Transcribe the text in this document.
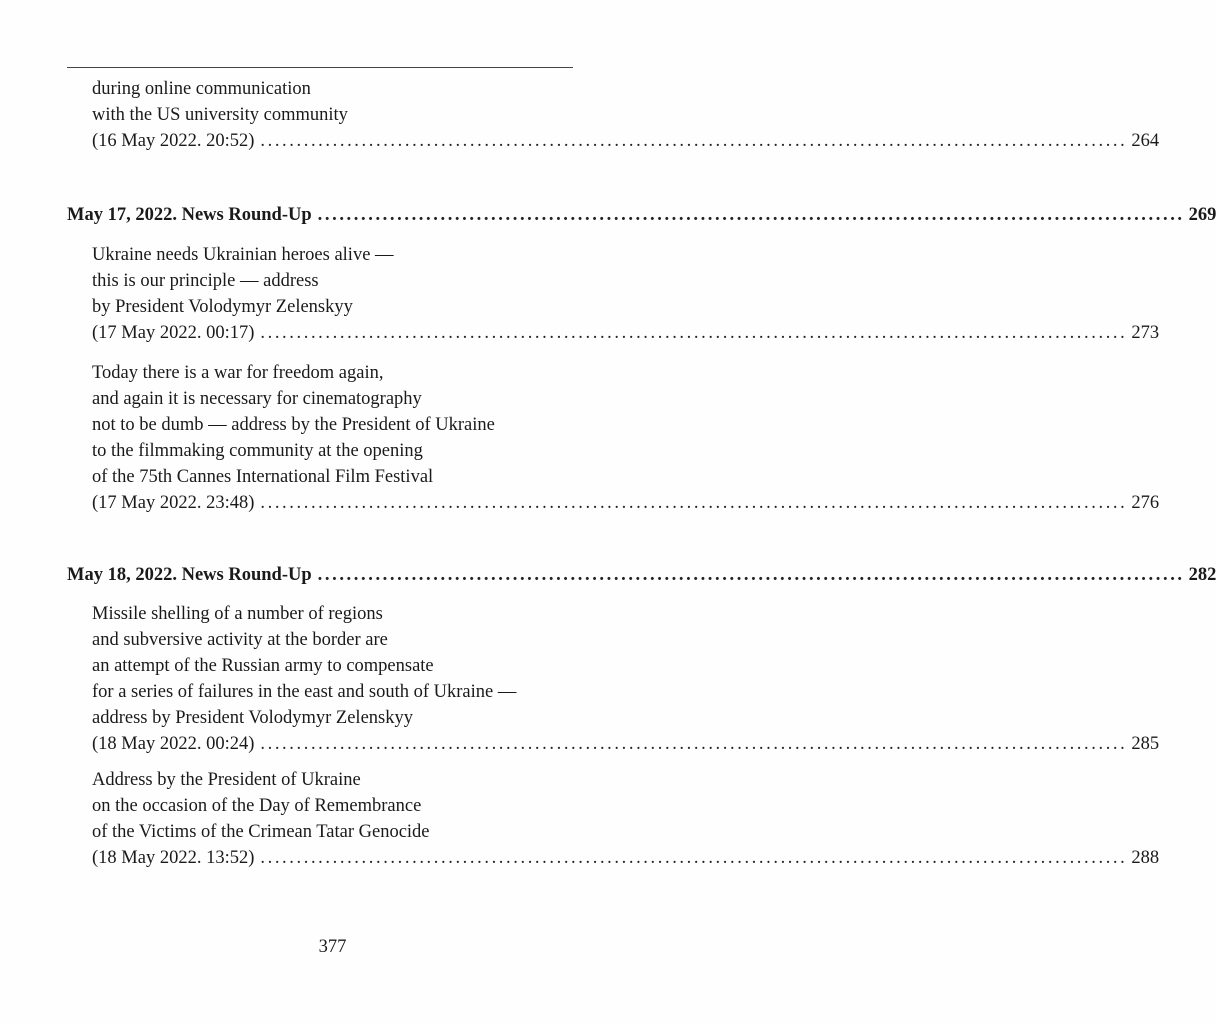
during online communication
with the US university community
(16 May 2022. 20:52) ........................................................................................................................ 264
May 17, 2022. News Round-Up ........................................................................................................................ 269
Ukraine needs Ukrainian heroes alive —
this is our principle — address
by President Volodymyr Zelenskyy
(17 May 2022. 00:17) ........................................................................................................................ 273
Today there is a war for freedom again,
and again it is necessary for cinematography
not to be dumb — address by the President of Ukraine
to the filmmaking community at the opening
of the 75th Cannes International Film Festival
(17 May 2022. 23:48) ........................................................................................................................ 276
May 18, 2022. News Round-Up ........................................................................................................................ 282
Missile shelling of a number of regions
and subversive activity at the border are
an attempt of the Russian army to compensate
for a series of failures in the east and south of Ukraine —
address by President Volodymyr Zelenskyy
(18 May 2022. 00:24) ........................................................................................................................ 285
Address by the President of Ukraine
on the occasion of the Day of Remembrance
of the Victims of the Crimean Tatar Genocide
(18 May 2022. 13:52) ........................................................................................................................ 288
377
